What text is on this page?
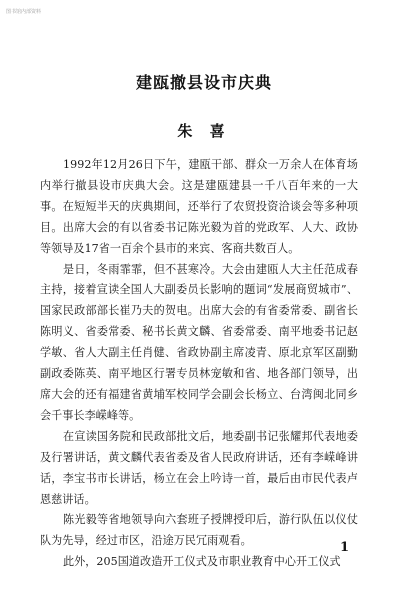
图书馆内部资料
建瓯撤县设市庆典
朱 喜

1992年12月26日下午，建瓯干部、群众一万余人在体育场内举行撤县设市庆典大会。这是建瓯建县一千八百年来的一大事。在短短半天的庆典期间，还举行了农贸投资洽谈会等多种项目。出席大会的有以省委书记陈光毅为首的党政军、人大、政协等领导及17省一百余个县市的来宾、客商共数百人。

是日，冬雨霏霏，但不甚寒冷。大会由建瓯人大主任范成春主持，接着宣读全国人大副委员长影响的题词“发展商贸城市”、国家民政部部长崔乃夫的贺电。出席大会的有省委常委、副省长陈明义、省委常委、秘书长黄文麟、省委常委、南平地委书记赵学敏、省人大副主任肖健、省政协副主席凌青、原北京军区副勤副政委陈英、南平地区行署专员林宠敏和省、地各部门领导，出席大会的还有福建省黄埔军校同学会副会长杨立、台湾闽北同乡会千事长李嵘峰等。

在宣读国务院和民政部批文后，地委副书记张耀邦代表地委及行署讲话，黄文麟代表省委及省人民政府讲话，还有李嵘峰讲话，李宝书市长讲话，杨立在会上吟诗一首，最后由市民代表卢恩慈讲话。

陈光毅等省地领导向六套班子授牌授印后，游行队伍以仪仗队为先导，经过市区，沿途万民冗雨观看。

此外，205国道改造开工仪式及市职业教育中心开工仪式

1
